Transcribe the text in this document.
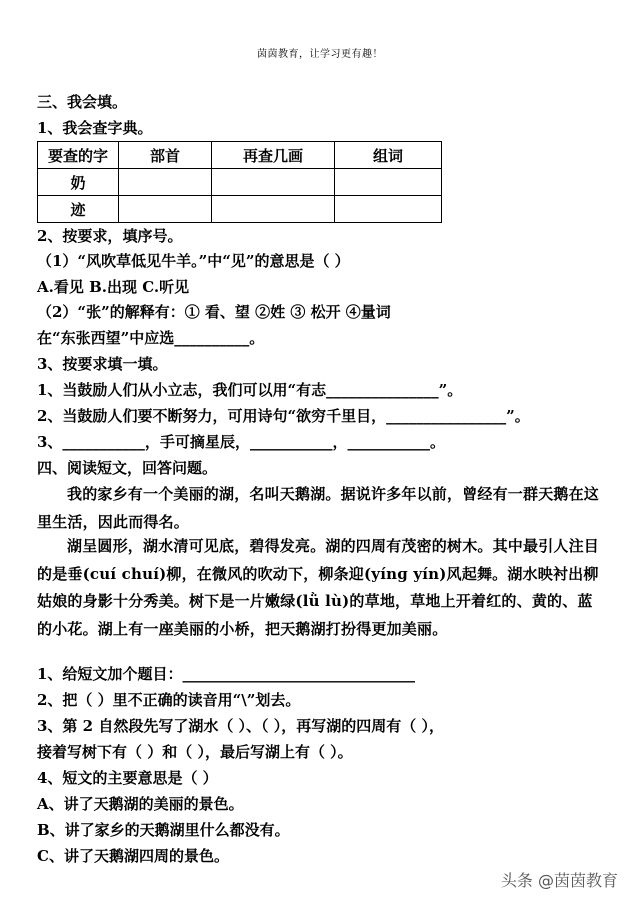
茵茵教育，让学习更有趣！
三、我会填。
1、我会查字典。
要查的字	部首	再查几画	组词
奶			
迹			
2、按要求，填序号。
（1）“风吹草低见牛羊。”中“见”的意思是（ ）
A.看见 B.出现 C.听见
（2）“张”的解释有：① 看、望 ②姓 ③ 松开 ④量词
在“东张西望”中应选__________。
3、按要求填一填。
1、当鼓励人们从小立志，我们可以用“有志_______________”。
2、当鼓励人们要不断努力，可用诗句“欲穷千里目，________________”。
3、___________，手可摘星辰，___________，___________。
四、阅读短文，回答问题。
我的家乡有一个美丽的湖，名叫天鹅湖。据说许多年以前，曾经有一群天鹅在这里生活，因此而得名。
湖呈圆形，湖水清可见底，碧得发亮。湖的四周有茂密的树木。其中最引人注目的是垂(cuí chuí)柳，在微风的吹动下，柳条迎(yínɡ yín)风起舞。湖水映衬出柳姑娘的身影十分秀美。树下是一片嫩绿(lǜ lù)的草地，草地上开着红的、黄的、蓝的小花。湖上有一座美丽的小桥，把天鹅湖打扮得更加美丽。
1、给短文加个题目：_______________________________
2、把（ ）里不正确的读音用“\”划去。
3、第 2 自然段先写了湖水（ ）、（ ），再写湖的四周有（ ），
接着写树下有（ ）和（ ），最后写湖上有（ ）。
4、短文的主要意思是（ ）
A、讲了天鹅湖的美丽的景色。
B、讲了家乡的天鹅湖里什么都没有。
C、讲了天鹅湖四周的景色。
头条 @茵茵教育
